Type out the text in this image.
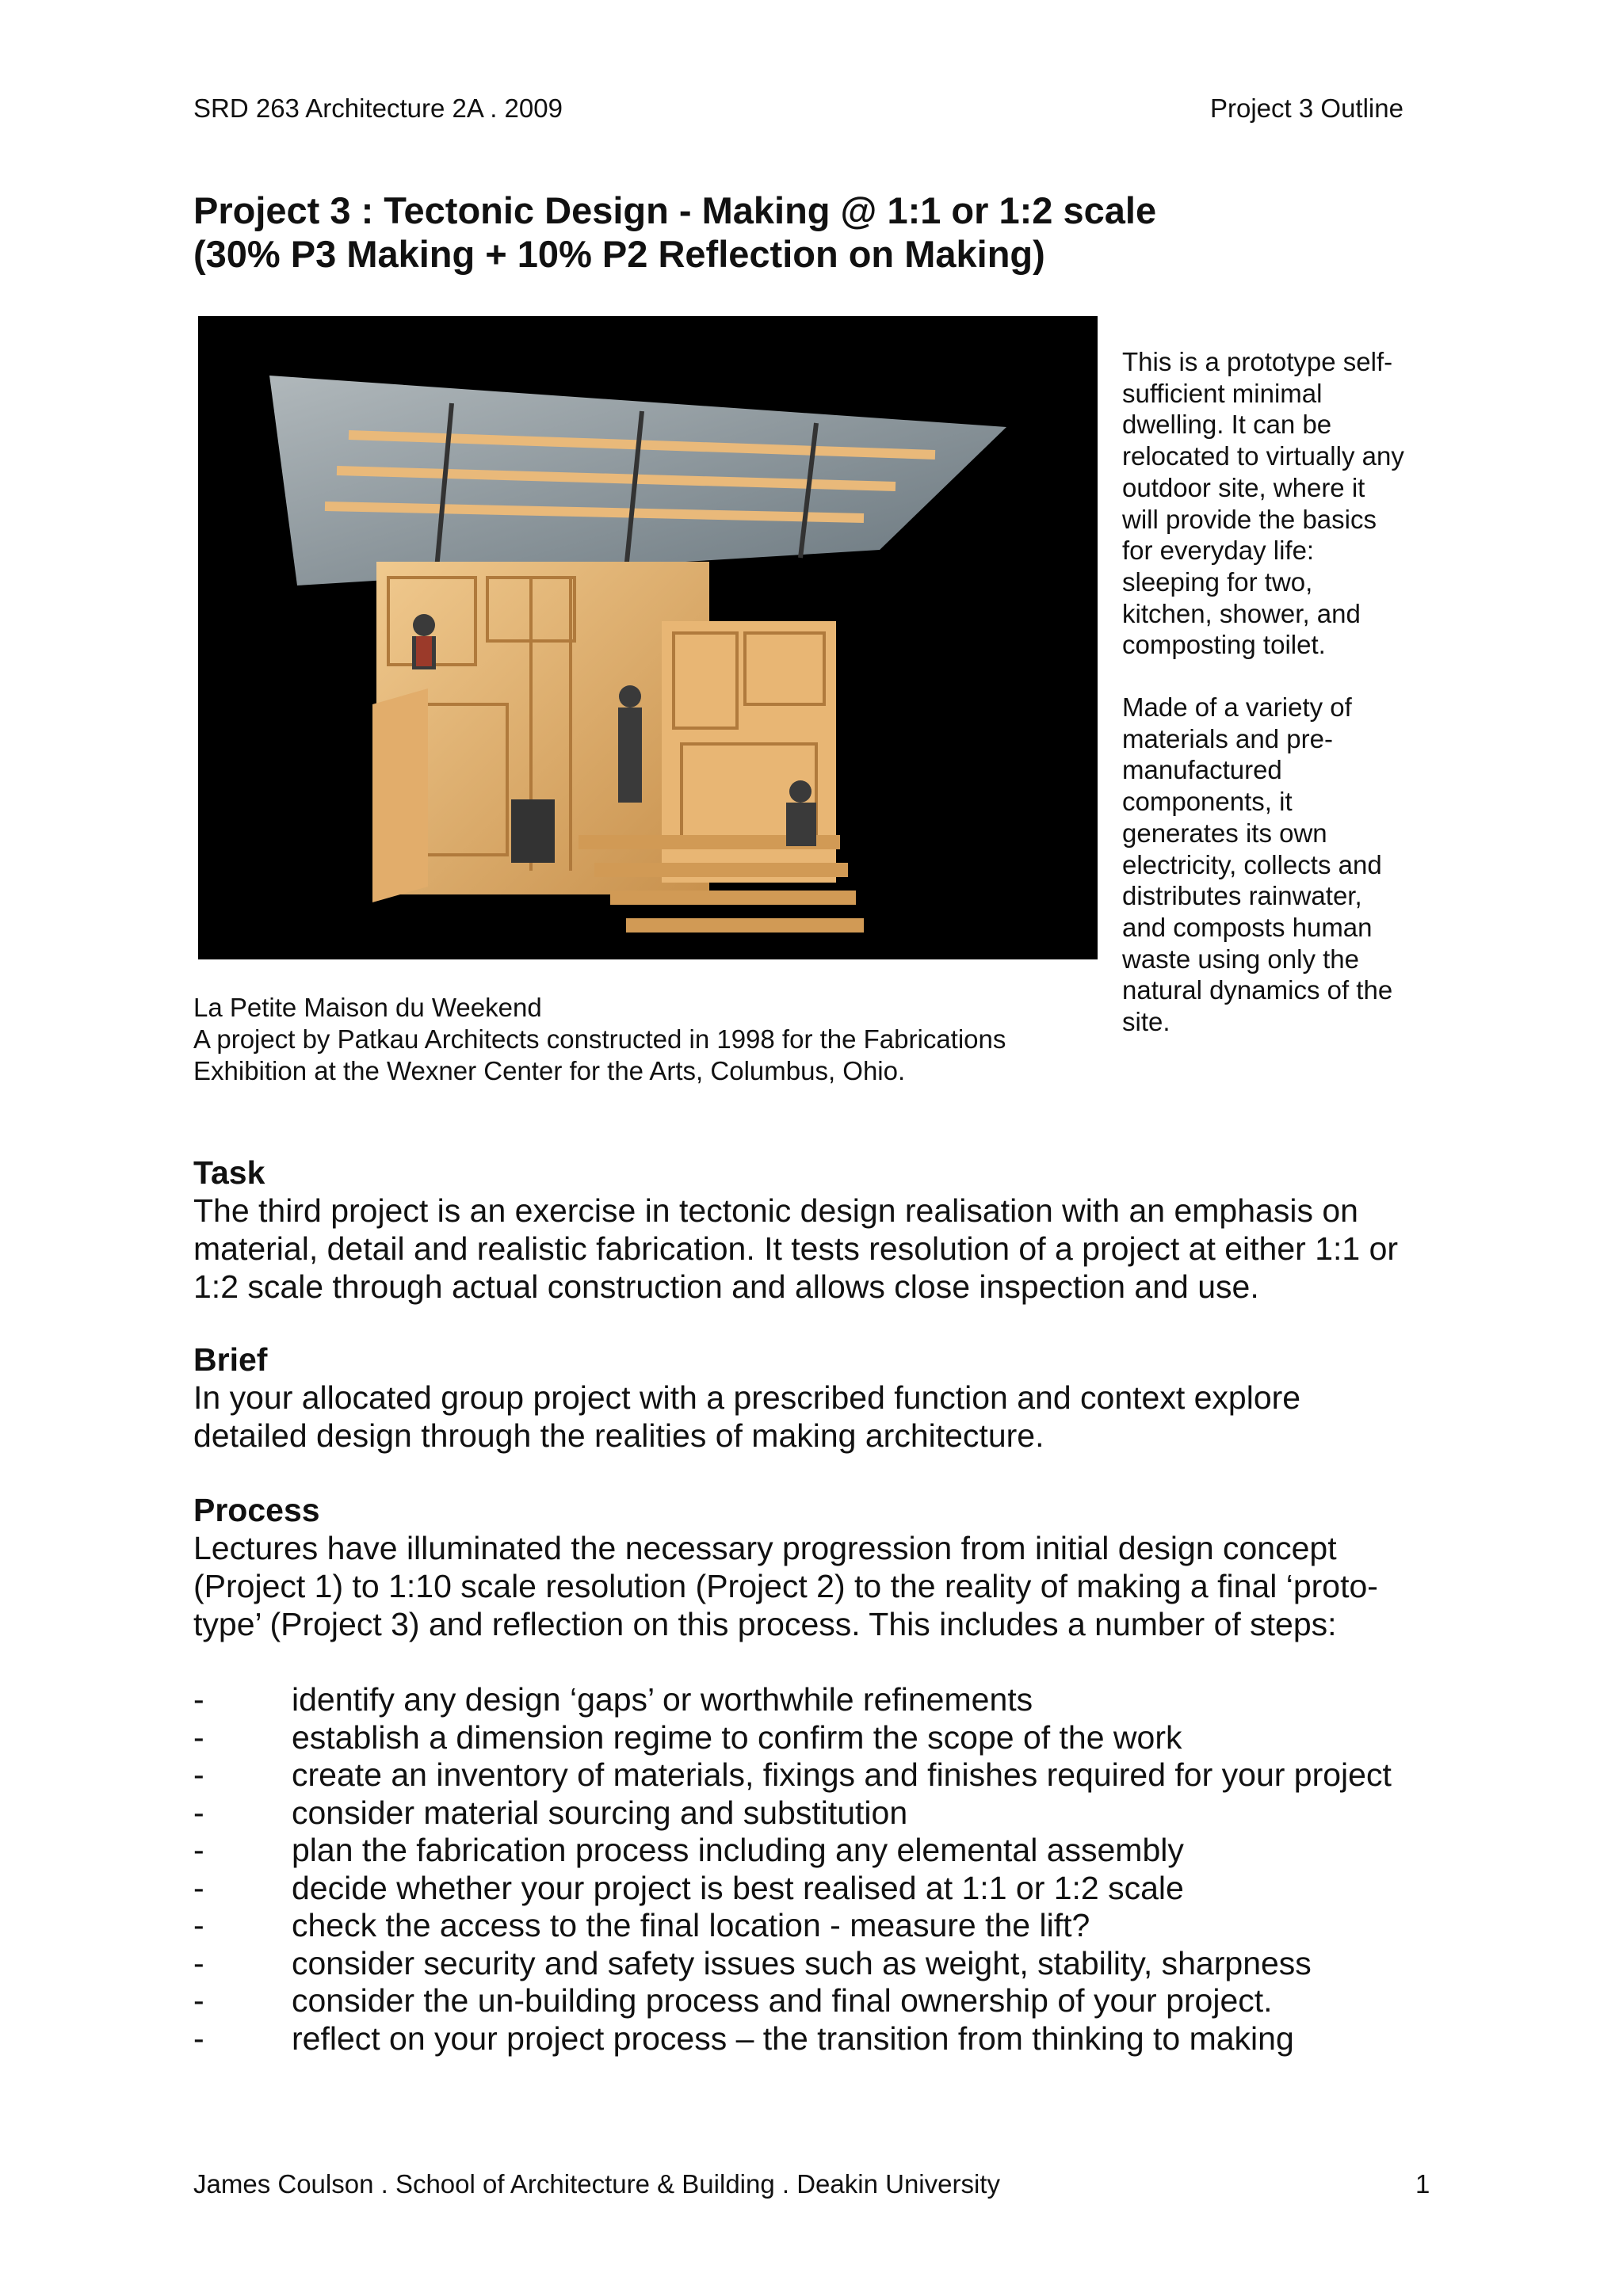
SRD 263 Architecture 2A . 2009	Project 3 Outline
Project 3 : Tectonic Design - Making @ 1:1 or 1:2 scale
(30% P3 Making + 10% P2 Reflection on Making)
This is a prototype self-sufficient minimal dwelling. It can be relocated to virtually any outdoor site, where it will provide the basics for everyday life: sleeping for two, kitchen, shower, and composting toilet.
Made of a variety of materials and pre-manufactured components, it generates its own electricity, collects and distributes rainwater, and composts human waste using only the natural dynamics of the site.
La Petite Maison du Weekend
A project by Patkau Architects constructed in 1998 for the Fabrications
Exhibition at the Wexner Center for the Arts, Columbus, Ohio.
Task
The third project is an exercise in tectonic design realisation with an emphasis on
material, detail and realistic fabrication. It tests resolution of a project at either 1:1 or
1:2 scale through actual construction and allows close inspection and use.
Brief
In your allocated group project with a prescribed function and context explore
detailed design through the realities of making architecture.
Process
Lectures have illuminated the necessary progression from initial design concept
(Project 1) to 1:10 scale resolution (Project 2) to the reality of making a final ‘proto-
type’ (Project 3) and reflection on this process. This includes a number of steps:
-	identify any design ‘gaps’ or worthwhile refinements
-	establish a dimension regime to confirm the scope of the work
-	create an inventory of materials, fixings and finishes required for your project
-	consider material sourcing and substitution
-	plan the fabrication process including any elemental assembly
-	decide whether your project is best realised at 1:1 or 1:2 scale
-	check the access to the final location - measure the lift?
-	consider security and safety issues such as weight, stability, sharpness
-	consider the un-building process and final ownership of your project.
-	reflect on your project process – the transition from thinking to making
James Coulson . School of Architecture & Building . Deakin University	1
